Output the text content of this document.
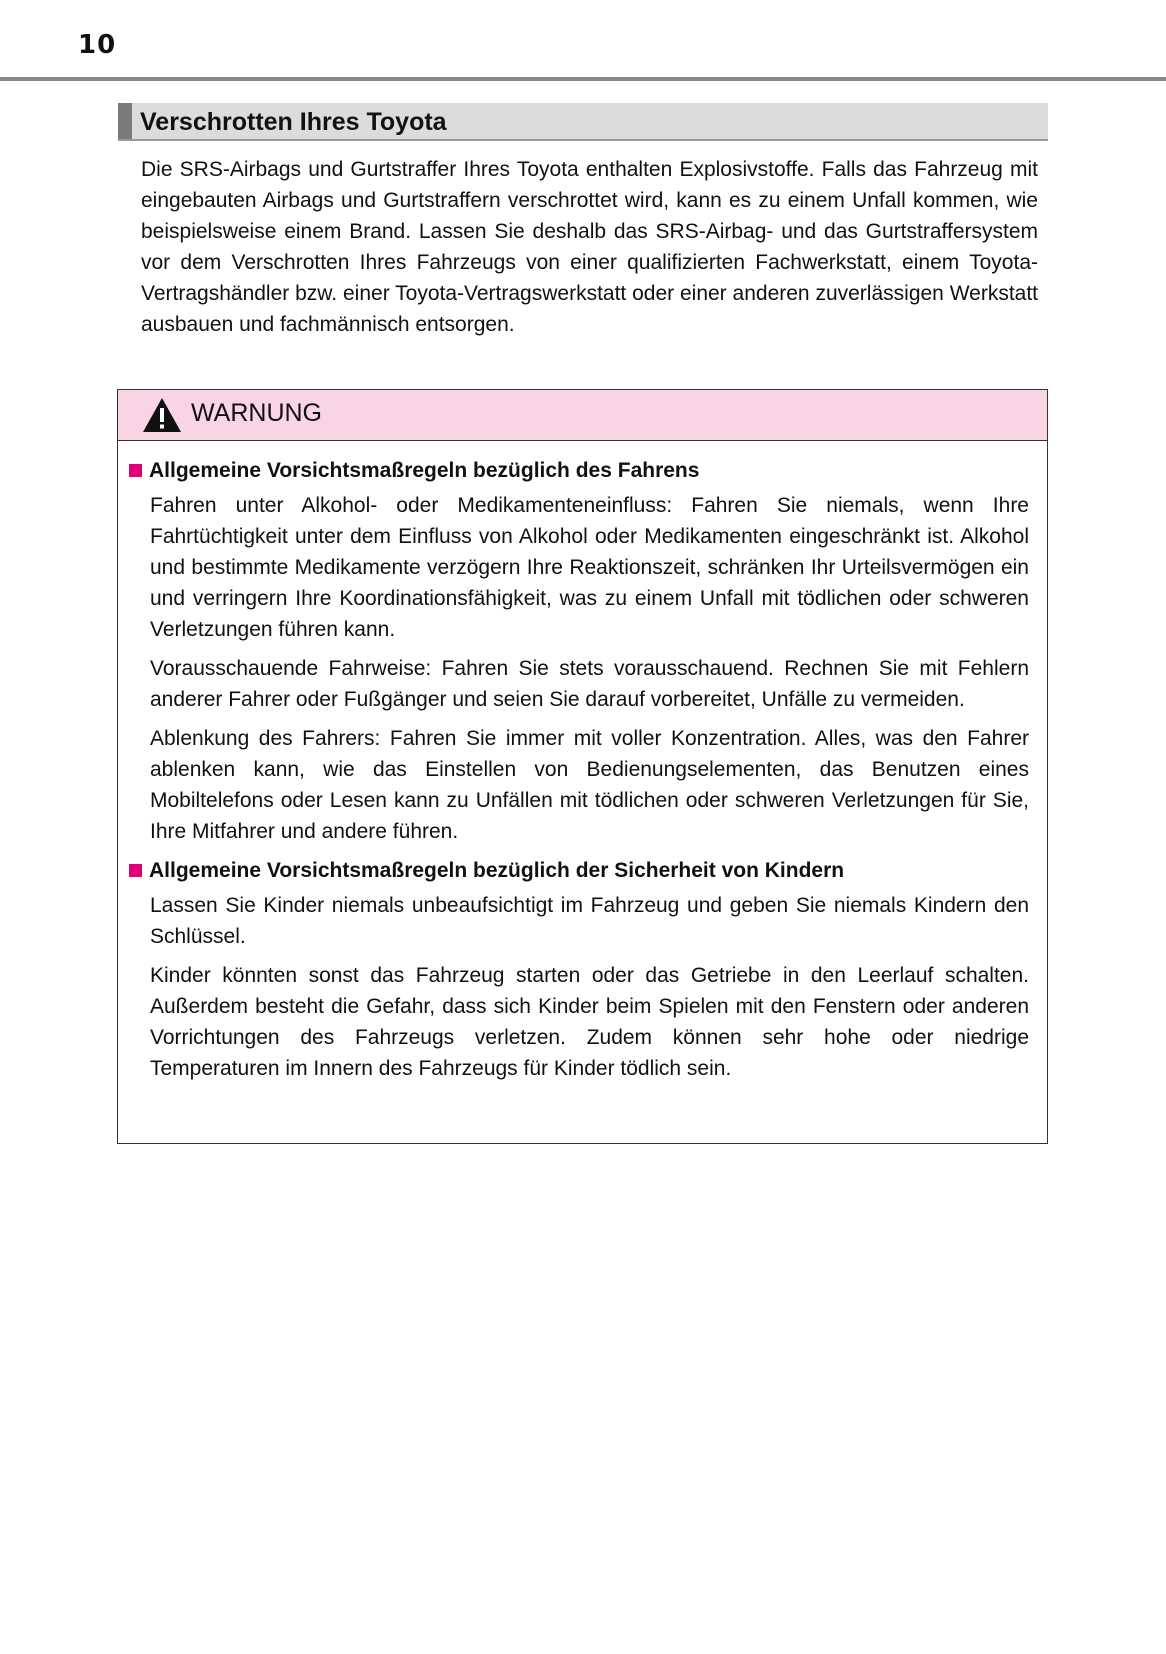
10
Verschrotten Ihres Toyota

Die SRS-Airbags und Gurtstraffer Ihres Toyota enthalten Explosivstoffe. Falls das Fahrzeug mit eingebauten Airbags und Gurtstraffern verschrottet wird, kann es zu einem Unfall kommen, wie beispielsweise einem Brand. Lassen Sie deshalb das SRS-Airbag- und das Gurtstraffersystem vor dem Verschrotten Ihres Fahrzeugs von einer qualifizierten Fachwerkstatt, einem Toyota-Vertragshändler bzw. einer Toyota-Vertragswerkstatt oder einer anderen zuverlässigen Werkstatt ausbauen und fachmännisch entsorgen.

WARNUNG
Allgemeine Vorsichtsmaßregeln bezüglich des Fahrens

Fahren unter Alkohol- oder Medikamenteneinfluss: Fahren Sie niemals, wenn Ihre Fahrtüchtigkeit unter dem Einfluss von Alkohol oder Medikamenten eingeschränkt ist. Alkohol und bestimmte Medikamente verzögern Ihre Reaktionszeit, schränken Ihr Urteilsvermögen ein und verringern Ihre Koordinationsfähigkeit, was zu einem Unfall mit tödlichen oder schweren Verletzungen führen kann.

Vorausschauende Fahrweise: Fahren Sie stets vorausschauend. Rechnen Sie mit Fehlern anderer Fahrer oder Fußgänger und seien Sie darauf vorbereitet, Unfälle zu vermeiden.

Ablenkung des Fahrers: Fahren Sie immer mit voller Konzentration. Alles, was den Fahrer ablenken kann, wie das Einstellen von Bedienungselementen, das Benutzen eines Mobiltelefons oder Lesen kann zu Unfällen mit tödlichen oder schweren Verletzungen für Sie, Ihre Mitfahrer und andere führen.

Allgemeine Vorsichtsmaßregeln bezüglich der Sicherheit von Kindern

Lassen Sie Kinder niemals unbeaufsichtigt im Fahrzeug und geben Sie niemals Kindern den Schlüssel.

Kinder könnten sonst das Fahrzeug starten oder das Getriebe in den Leerlauf schalten. Außerdem besteht die Gefahr, dass sich Kinder beim Spielen mit den Fenstern oder anderen Vorrichtungen des Fahrzeugs verletzen. Zudem können sehr hohe oder niedrige Temperaturen im Innern des Fahrzeugs für Kinder tödlich sein.
